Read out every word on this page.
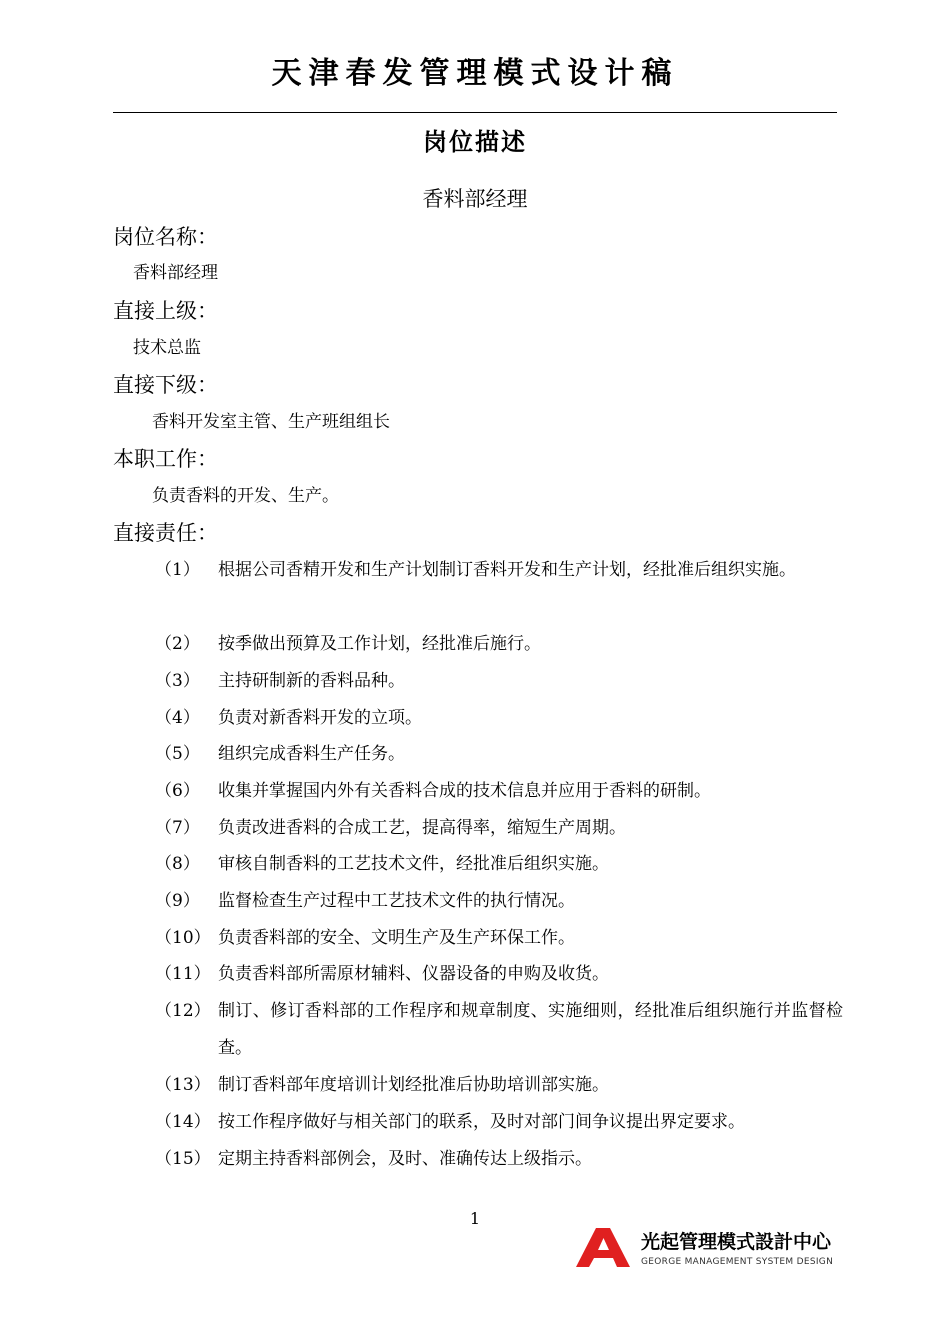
天津春发管理模式设计稿
岗位描述
香料部经理
岗位名称：
香料部经理
直接上级：
技术总监
直接下级：
香料开发室主管、生产班组组长
本职工作：
负责香料的开发、生产。
直接责任：
（1） 根据公司香精开发和生产计划制订香料开发和生产计划，经批准后组织实施。
（2） 按季做出预算及工作计划，经批准后施行。
（3） 主持研制新的香料品种。
（4） 负责对新香料开发的立项。
（5） 组织完成香料生产任务。
（6） 收集并掌握国内外有关香料合成的技术信息并应用于香料的研制。
（7） 负责改进香料的合成工艺，提高得率，缩短生产周期。
（8） 审核自制香料的工艺技术文件，经批准后组织实施。
（9） 监督检查生产过程中工艺技术文件的执行情况。
（10） 负责香料部的安全、文明生产及生产环保工作。
（11） 负责香料部所需原材辅料、仪器设备的申购及收货。
（12） 制订、修订香料部的工作程序和规章制度、实施细则，经批准后组织施行并监督检查。
（13） 制订香料部年度培训计划经批准后协助培训部实施。
（14） 按工作程序做好与相关部门的联系，及时对部门间争议提出界定要求。
（15） 定期主持香料部例会，及时、准确传达上级指示。
1
光起管理模式設計中心
GEORGE MANAGEMENT SYSTEM DESIGN
